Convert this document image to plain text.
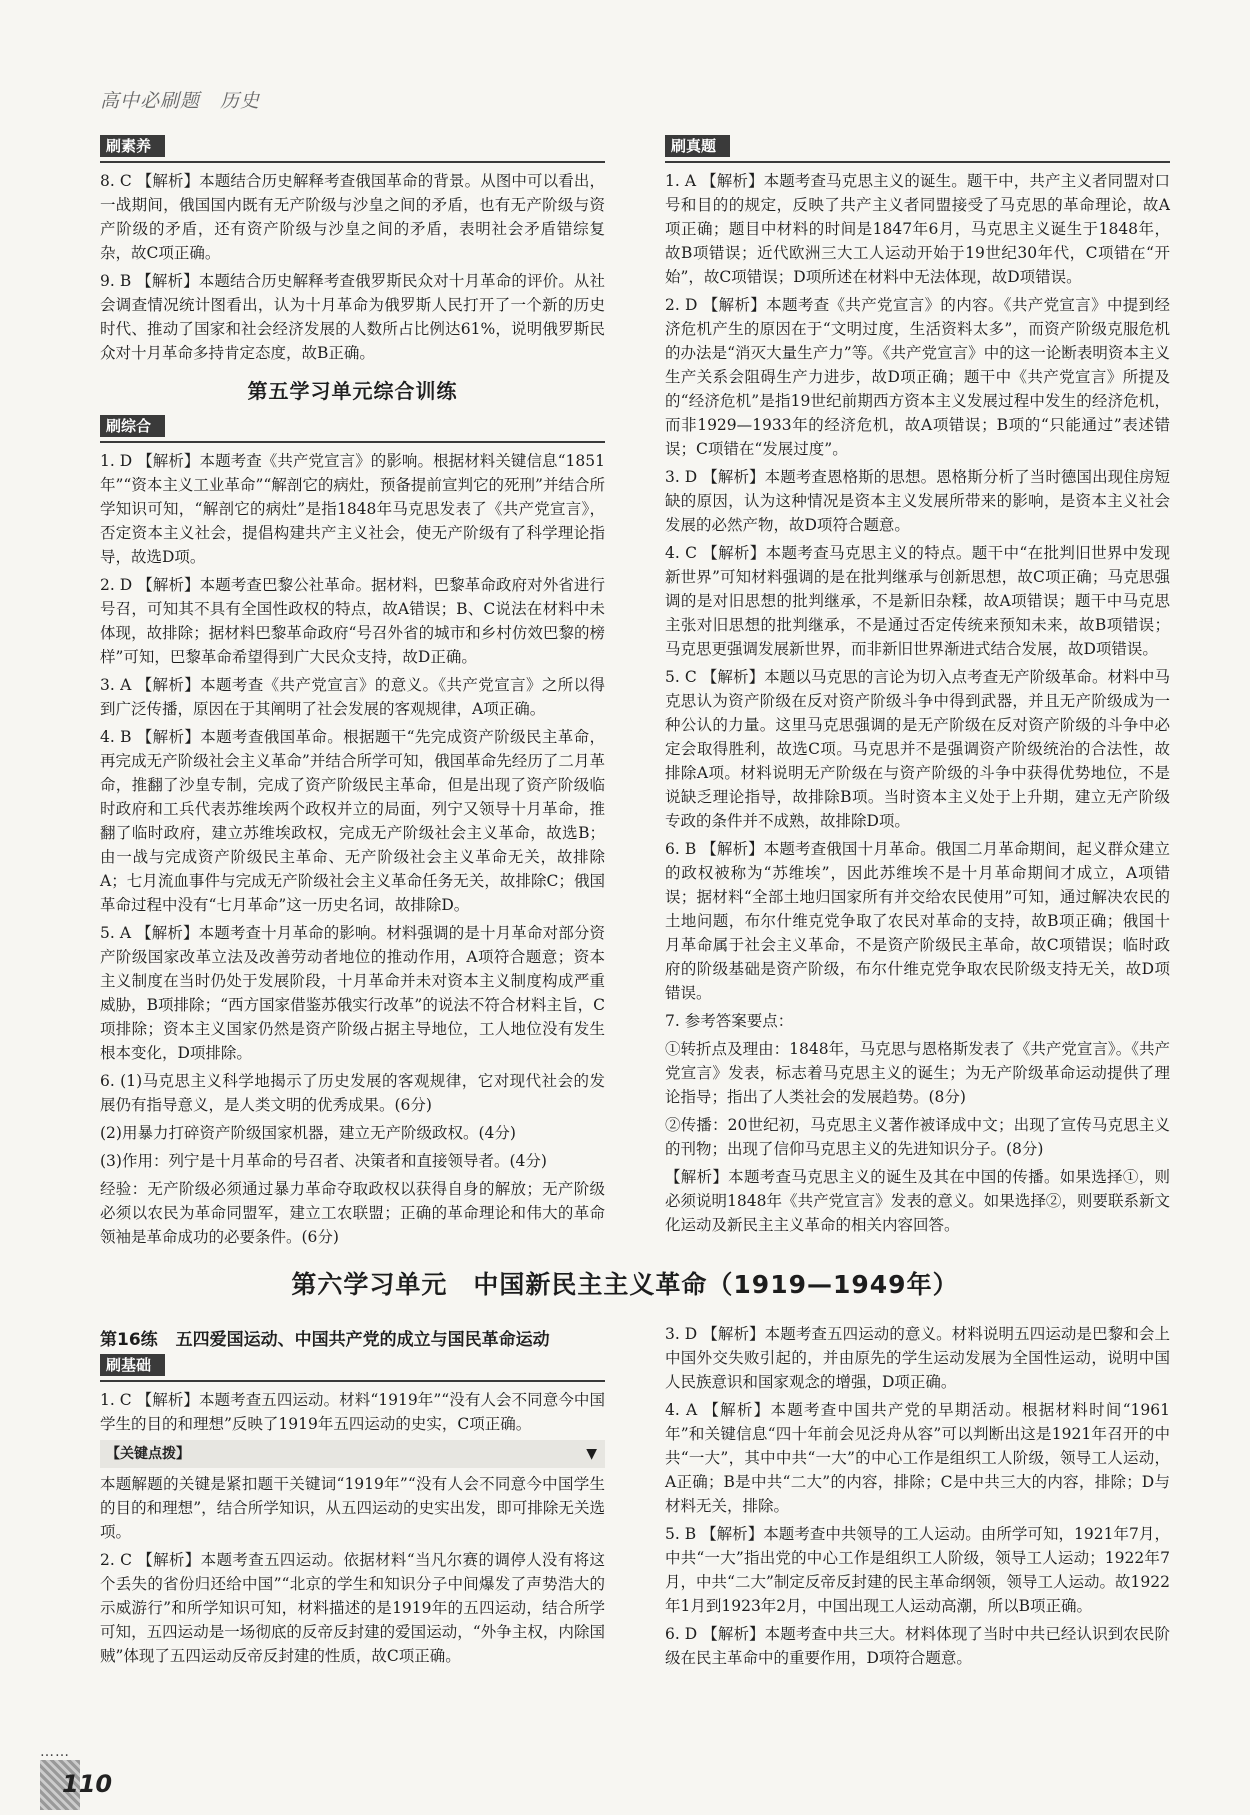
高中必刷题　历史
刷素养

8. C 【解析】本题结合历史解释考查俄国革命的背景。从图中可以看出，一战期间，俄国国内既有无产阶级与沙皇之间的矛盾，也有无产阶级与资产阶级的矛盾，还有资产阶级与沙皇之间的矛盾，表明社会矛盾错综复杂，故C项正确。

9. B 【解析】本题结合历史解释考查俄罗斯民众对十月革命的评价。从社会调查情况统计图看出，认为十月革命为俄罗斯人民打开了一个新的历史时代、推动了国家和社会经济发展的人数所占比例达61%，说明俄罗斯民众对十月革命多持肯定态度，故B正确。

第五学习单元综合训练
刷综合

1. D 【解析】本题考查《共产党宣言》的影响。根据材料关键信息“1851年”“资本主义工业革命”“解剖它的病灶，预备提前宣判它的死刑”并结合所学知识可知，“解剖它的病灶”是指1848年马克思发表了《共产党宣言》，否定资本主义社会，提倡构建共产主义社会，使无产阶级有了科学理论指导，故选D项。

2. D 【解析】本题考查巴黎公社革命。据材料，巴黎革命政府对外省进行号召，可知其不具有全国性政权的特点，故A错误；B、C说法在材料中未体现，故排除；据材料巴黎革命政府“号召外省的城市和乡村仿效巴黎的榜样”可知，巴黎革命希望得到广大民众支持，故D正确。

3. A 【解析】本题考查《共产党宣言》的意义。《共产党宣言》之所以得到广泛传播，原因在于其阐明了社会发展的客观规律，A项正确。

4. B 【解析】本题考查俄国革命。根据题干“先完成资产阶级民主革命，再完成无产阶级社会主义革命”并结合所学可知，俄国革命先经历了二月革命，推翻了沙皇专制，完成了资产阶级民主革命，但是出现了资产阶级临时政府和工兵代表苏维埃两个政权并立的局面，列宁又领导十月革命，推翻了临时政府，建立苏维埃政权，完成无产阶级社会主义革命，故选B；由一战与完成资产阶级民主革命、无产阶级社会主义革命无关，故排除A；七月流血事件与完成无产阶级社会主义革命任务无关，故排除C；俄国革命过程中没有“七月革命”这一历史名词，故排除D。

5. A 【解析】本题考查十月革命的影响。材料强调的是十月革命对部分资产阶级国家改革立法及改善劳动者地位的推动作用，A项符合题意；资本主义制度在当时仍处于发展阶段，十月革命并未对资本主义制度构成严重威胁，B项排除；“西方国家借鉴苏俄实行改革”的说法不符合材料主旨，C项排除；资本主义国家仍然是资产阶级占据主导地位，工人地位没有发生根本变化，D项排除。

6. (1)马克思主义科学地揭示了历史发展的客观规律，它对现代社会的发展仍有指导意义，是人类文明的优秀成果。(6分)

(2)用暴力打碎资产阶级国家机器，建立无产阶级政权。(4分)

(3)作用：列宁是十月革命的号召者、决策者和直接领导者。(4分)

经验：无产阶级必须通过暴力革命夺取政权以获得自身的解放；无产阶级必须以农民为革命同盟军，建立工农联盟；正确的革命理论和伟大的革命领袖是革命成功的必要条件。(6分)

刷真题

1. A 【解析】本题考查马克思主义的诞生。题干中，共产主义者同盟对口号和目的的规定，反映了共产主义者同盟接受了马克思的革命理论，故A项正确；题目中材料的时间是1847年6月，马克思主义诞生于1848年，故B项错误；近代欧洲三大工人运动开始于19世纪30年代，C项错在“开始”，故C项错误；D项所述在材料中无法体现，故D项错误。

2. D 【解析】本题考查《共产党宣言》的内容。《共产党宣言》中提到经济危机产生的原因在于“文明过度，生活资料太多”，而资产阶级克服危机的办法是“消灭大量生产力”等。《共产党宣言》中的这一论断表明资本主义生产关系会阻碍生产力进步，故D项正确；题干中《共产党宣言》所提及的“经济危机”是指19世纪前期西方资本主义发展过程中发生的经济危机，而非1929—1933年的经济危机，故A项错误；B项的“只能通过”表述错误；C项错在“发展过度”。

3. D 【解析】本题考查恩格斯的思想。恩格斯分析了当时德国出现住房短缺的原因，认为这种情况是资本主义发展所带来的影响，是资本主义社会发展的必然产物，故D项符合题意。

4. C 【解析】本题考查马克思主义的特点。题干中“在批判旧世界中发现新世界”可知材料强调的是在批判继承与创新思想，故C项正确；马克思强调的是对旧思想的批判继承，不是新旧杂糅，故A项错误；题干中马克思主张对旧思想的批判继承，不是通过否定传统来预知未来，故B项错误；马克思更强调发展新世界，而非新旧世界渐进式结合发展，故D项错误。

5. C 【解析】本题以马克思的言论为切入点考查无产阶级革命。材料中马克思认为资产阶级在反对资产阶级斗争中得到武器，并且无产阶级成为一种公认的力量。这里马克思强调的是无产阶级在反对资产阶级的斗争中必定会取得胜利，故选C项。马克思并不是强调资产阶级统治的合法性，故排除A项。材料说明无产阶级在与资产阶级的斗争中获得优势地位，不是说缺乏理论指导，故排除B项。当时资本主义处于上升期，建立无产阶级专政的条件并不成熟，故排除D项。

6. B 【解析】本题考查俄国十月革命。俄国二月革命期间，起义群众建立的政权被称为“苏维埃”，因此苏维埃不是十月革命期间才成立，A项错误；据材料“全部土地归国家所有并交给农民使用”可知，通过解决农民的土地问题，布尔什维克党争取了农民对革命的支持，故B项正确；俄国十月革命属于社会主义革命，不是资产阶级民主革命，故C项错误；临时政府的阶级基础是资产阶级，布尔什维克党争取农民阶级支持无关，故D项错误。

7. 参考答案要点：

①转折点及理由：1848年，马克思与恩格斯发表了《共产党宣言》。《共产党宣言》发表，标志着马克思主义的诞生；为无产阶级革命运动提供了理论指导；指出了人类社会的发展趋势。(8分)

②传播：20世纪初，马克思主义著作被译成中文；出现了宣传马克思主义的刊物；出现了信仰马克思主义的先进知识分子。(8分)

【解析】本题考查马克思主义的诞生及其在中国的传播。如果选择①，则必须说明1848年《共产党宣言》发表的意义。如果选择②，则要联系新文化运动及新民主主义革命的相关内容回答。

第六学习单元　中国新民主主义革命（1919—1949年）
第16练 五四爱国运动、中国共产党的成立与国民革命运动
刷基础

1. C 【解析】本题考查五四运动。材料“1919年”“没有人会不同意今中国学生的目的和理想”反映了1919年五四运动的史实，C项正确。

【关键点拨】	▼

本题解题的关键是紧扣题干关键词“1919年”“没有人会不同意今中国学生的目的和理想”，结合所学知识，从五四运动的史实出发，即可排除无关选项。

2. C 【解析】本题考查五四运动。依据材料“当凡尔赛的调停人没有将这个丢失的省份归还给中国”“北京的学生和知识分子中间爆发了声势浩大的示威游行”和所学知识可知，材料描述的是1919年的五四运动，结合所学可知，五四运动是一场彻底的反帝反封建的爱国运动，“外争主权，内除国贼”体现了五四运动反帝反封建的性质，故C项正确。

3. D 【解析】本题考查五四运动的意义。材料说明五四运动是巴黎和会上中国外交失败引起的，并由原先的学生运动发展为全国性运动，说明中国人民族意识和国家观念的增强，D项正确。

4. A 【解析】本题考查中国共产党的早期活动。根据材料时间“1961年”和关键信息“四十年前会见泛舟从容”可以判断出这是1921年召开的中共“一大”，其中中共“一大”的中心工作是组织工人阶级，领导工人运动，A正确；B是中共“二大”的内容，排除；C是中共三大的内容，排除；D与材料无关，排除。

5. B 【解析】本题考查中共领导的工人运动。由所学可知，1921年7月，中共“一大”指出党的中心工作是组织工人阶级，领导工人运动；1922年7月，中共“二大”制定反帝反封建的民主革命纲领，领导工人运动。故1922年1月到1923年2月，中国出现工人运动高潮，所以B项正确。

6. D 【解析】本题考查中共三大。材料体现了当时中共已经认识到农民阶级在民主革命中的重要作用，D项符合题意。

……
110
